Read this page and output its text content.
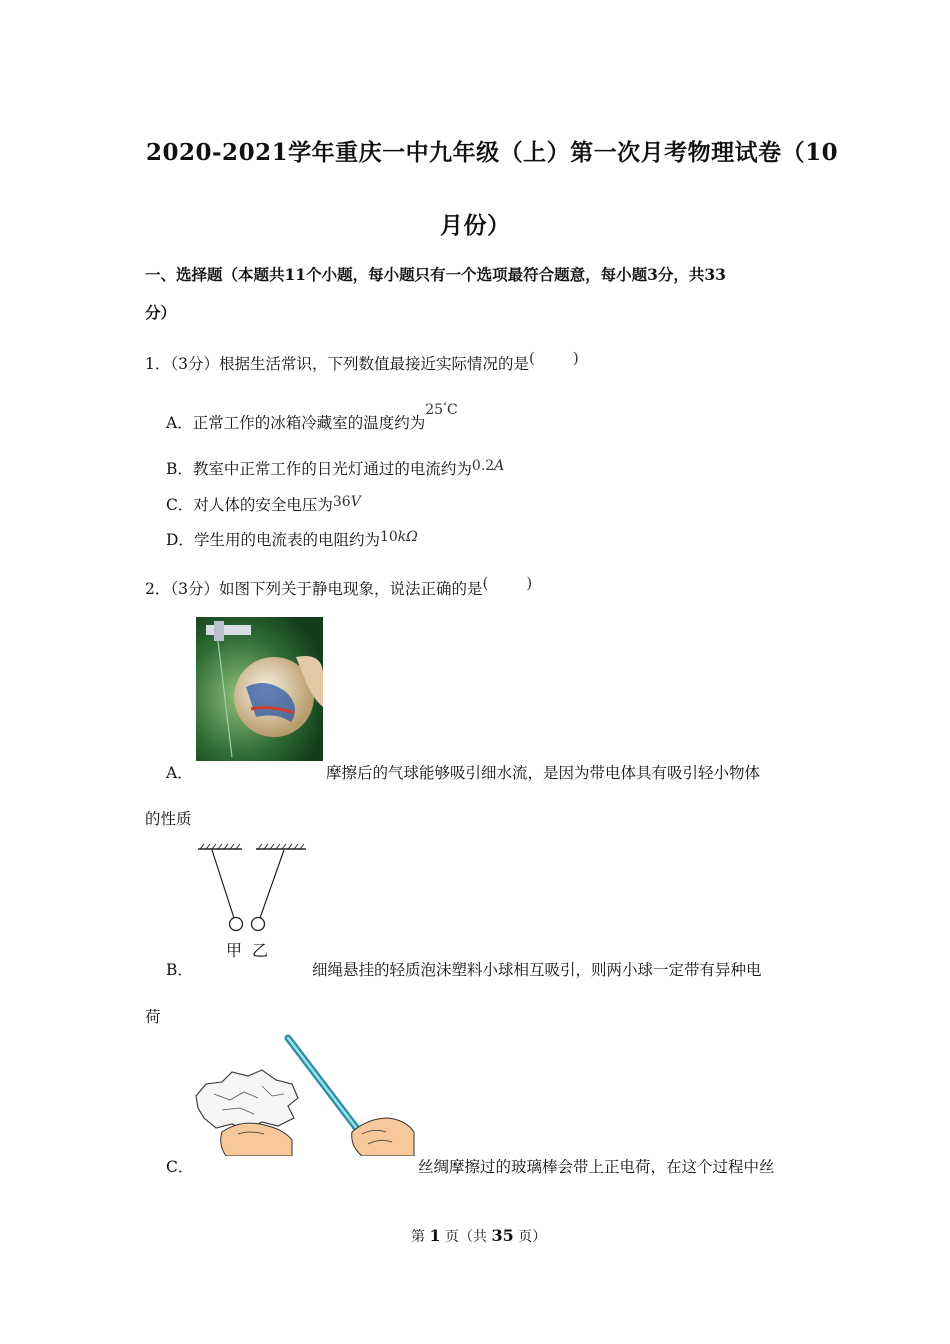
2020-2021学年重庆一中九年级（上）第一次月考物理试卷（10
月份）
一、选择题（本题共11个小题，每小题只有一个选项最符合题意，每小题3分，共33
分）
1．（3分）根据生活常识，下列数值最接近实际情况的是(	)
A．正常工作的冰箱冷藏室的温度约为25°C
B．教室中正常工作的日光灯通过的电流约为0.2A
C．对人体的安全电压为36V
D．学生用的电流表的电阻约为10kΩ
2．（3分）如图下列关于静电现象，说法正确的是(	)
A．	摩擦后的气球能够吸引细水流，是因为带电体具有吸引轻小物体
的性质
甲 乙
B．	细绳悬挂的轻质泡沫塑料小球相互吸引，则两小球一定带有异种电
荷
C．	丝绸摩擦过的玻璃棒会带上正电荷，在这个过程中丝
第 1 页（共 35 页）
